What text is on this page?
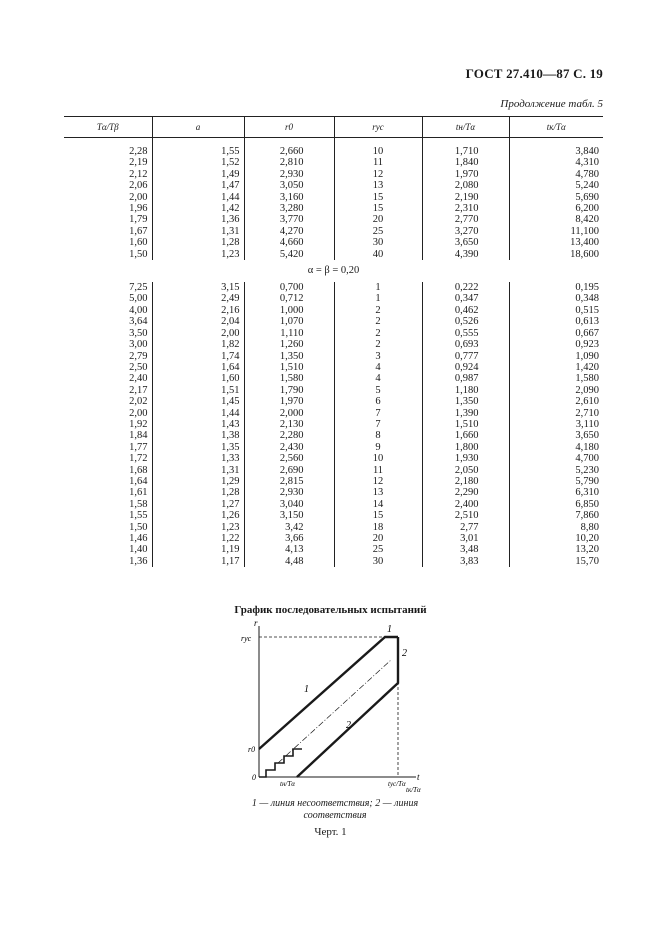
ГОСТ 27.410—87 С. 19
Продолжение табл. 5
Tα/Tβ	a	r0	rус	tн/Tα	tк/Tα

2,28	1,55	2,660	10	1,710	3,840
2,19	1,52	2,810	11	1,840	4,310
2,12	1,49	2,930	12	1,970	4,780
2,06	1,47	3,050	13	2,080	5,240
2,00	1,44	3,160	15	2,190	5,690
1,96	1,42	3,280	15	2,310	6,200
1,79	1,36	3,770	20	2,770	8,420
1,67	1,31	4,270	25	3,270	11,100
1,60	1,28	4,660	30	3,650	13,400
1,50	1,23	5,420	40	4,390	18,600
α = β = 0,20					
7,25	3,15	0,700	1	0,222	0,195
5,00	2,49	0,712	1	0,347	0,348
4,00	2,16	1,000	2	0,462	0,515
3,64	2,04	1,070	2	0,526	0,613
3,50	2,00	1,110	2	0,555	0,667
3,00	1,82	1,260	2	0,693	0,923
2,79	1,74	1,350	3	0,777	1,090
2,50	1,64	1,510	4	0,924	1,420
2,40	1,60	1,580	4	0,987	1,580
2,17	1,51	1,790	5	1,180	2,090
2,02	1,45	1,970	6	1,350	2,610
2,00	1,44	2,000	7	1,390	2,710
1,92	1,43	2,130	7	1,510	3,110
1,84	1,38	2,280	8	1,660	3,650
1,77	1,35	2,430	9	1,800	4,180
1,72	1,33	2,560	10	1,930	4,700
1,68	1,31	2,690	11	2,050	5,230
1,64	1,29	2,815	12	2,180	5,790
1,61	1,28	2,930	13	2,290	6,310
1,58	1,27	3,040	14	2,400	6,850
1,55	1,26	3,150	15	2,510	7,860
1,50	1,23	3,42	18	2,77	8,80
1,46	1,22	3,66	20	3,01	10,20
1,40	1,19	4,13	25	3,48	13,20
1,36	1,17	4,48	30	3,83	15,70
График последовательных испытаний
r
rус
r0
0	t
tн/Tα	tус/Tα
tк/Tα
1
1
2
2
1 — линия несоответствия; 2 — линия соответствия
Черт. 1
